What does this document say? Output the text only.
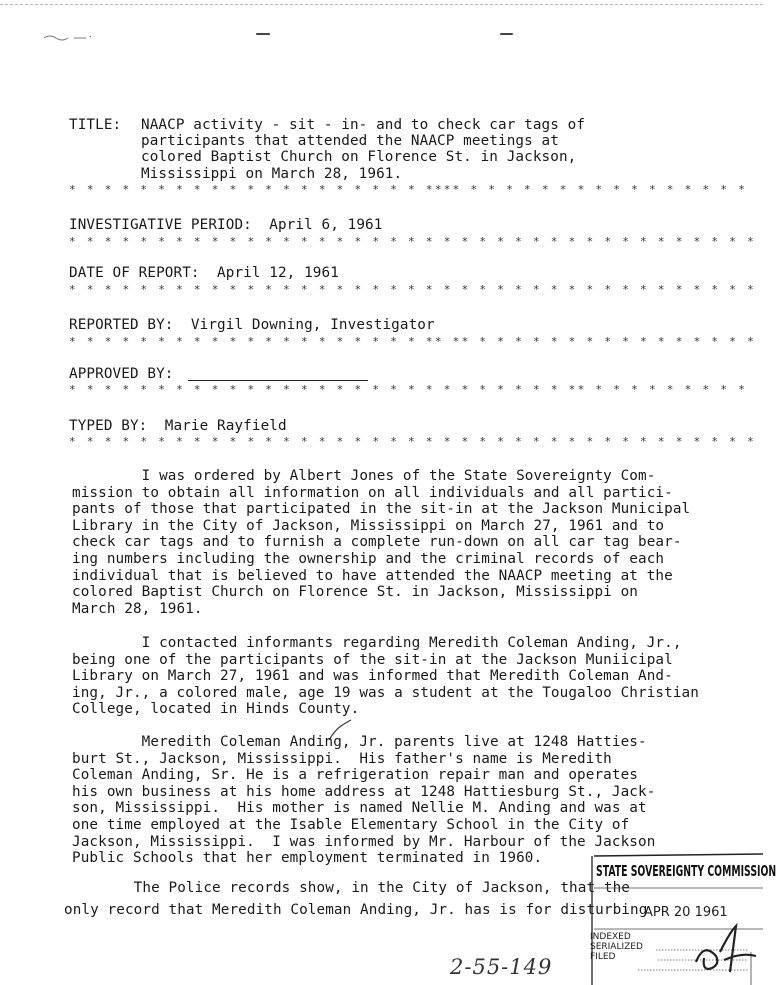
TITLE: NAACP activity - sit - in- and to check car tags of
participants that attended the NAACP meetings at
colored Baptist Church on Florence St. in Jackson,
Mississippi on March 28, 1961.
* * * * * * * * * * * * * * * * * * * * **** * * * * * * * * * * * * * * * *
INVESTIGATIVE PERIOD:  April 6, 1961
* * * * * * * * * * * * * * * * * * * * * * * * * * * * * * * * * * * * * * *
DATE OF REPORT:  April 12, 1961
* * * * * * * * * * * * * * * * * * * * * * * * * * * * * * * * * * * * * * *
REPORTED BY:  Virgil Downing, Investigator
* * * * * * * * * * * * * * * * * * * * ** ** * * * * * * * * * * * * * * * *
APPROVED BY:
* * * * * * * * * * * * * * * * * * * * * * * * * * * * ** * * * * * * * * *
TYPED BY:  Marie Rayfield
* * * * * * * * * * * * * * * * * * * * * * * * * * * * * * * * * * * * * * *
I was ordered by Albert Jones of the State Sovereignty Com-
mission to obtain all information on all individuals and all partici-
pants of those that participated in the sit-in at the Jackson Municipal
Library in the City of Jackson, Mississippi on March 27, 1961 and to
check car tags and to furnish a complete run-down on all car tag bear-
ing numbers including the ownership and the criminal records of each
individual that is believed to have attended the NAACP meeting at the
colored Baptist Church on Florence St. in Jackson, Mississippi on
March 28, 1961.
I contacted informants regarding Meredith Coleman Anding, Jr.,
being one of the participants of the sit-in at the Jackson Muniicipal
Library on March 27, 1961 and was informed that Meredith Coleman And-
ing, Jr., a colored male, age 19 was a student at the Tougaloo Christian
College, located in Hinds County.
Meredith Coleman Anding, Jr. parents live at 1248 Hatties-
burt St., Jackson, Mississippi.  His father's name is Meredith
Coleman Anding, Sr. He is a refrigeration repair man and operates
his own business at his home address at 1248 Hattiesburg St., Jack-
son, Mississippi.  His mother is named Nellie M. Anding and was at
one time employed at the Isable Elementary School in the City of
Jackson, Mississippi.  I was informed by Mr. Harbour of the Jackson
Public Schools that her employment terminated in 1960.
The Police records show, in the City of Jackson, that the
only record that Meredith Coleman Anding, Jr. has is for disturbing
STATE SOVEREIGNTY COMMISSION
APR 20 1961
INDEXED
SERIALIZED
FILED
2-55-149
